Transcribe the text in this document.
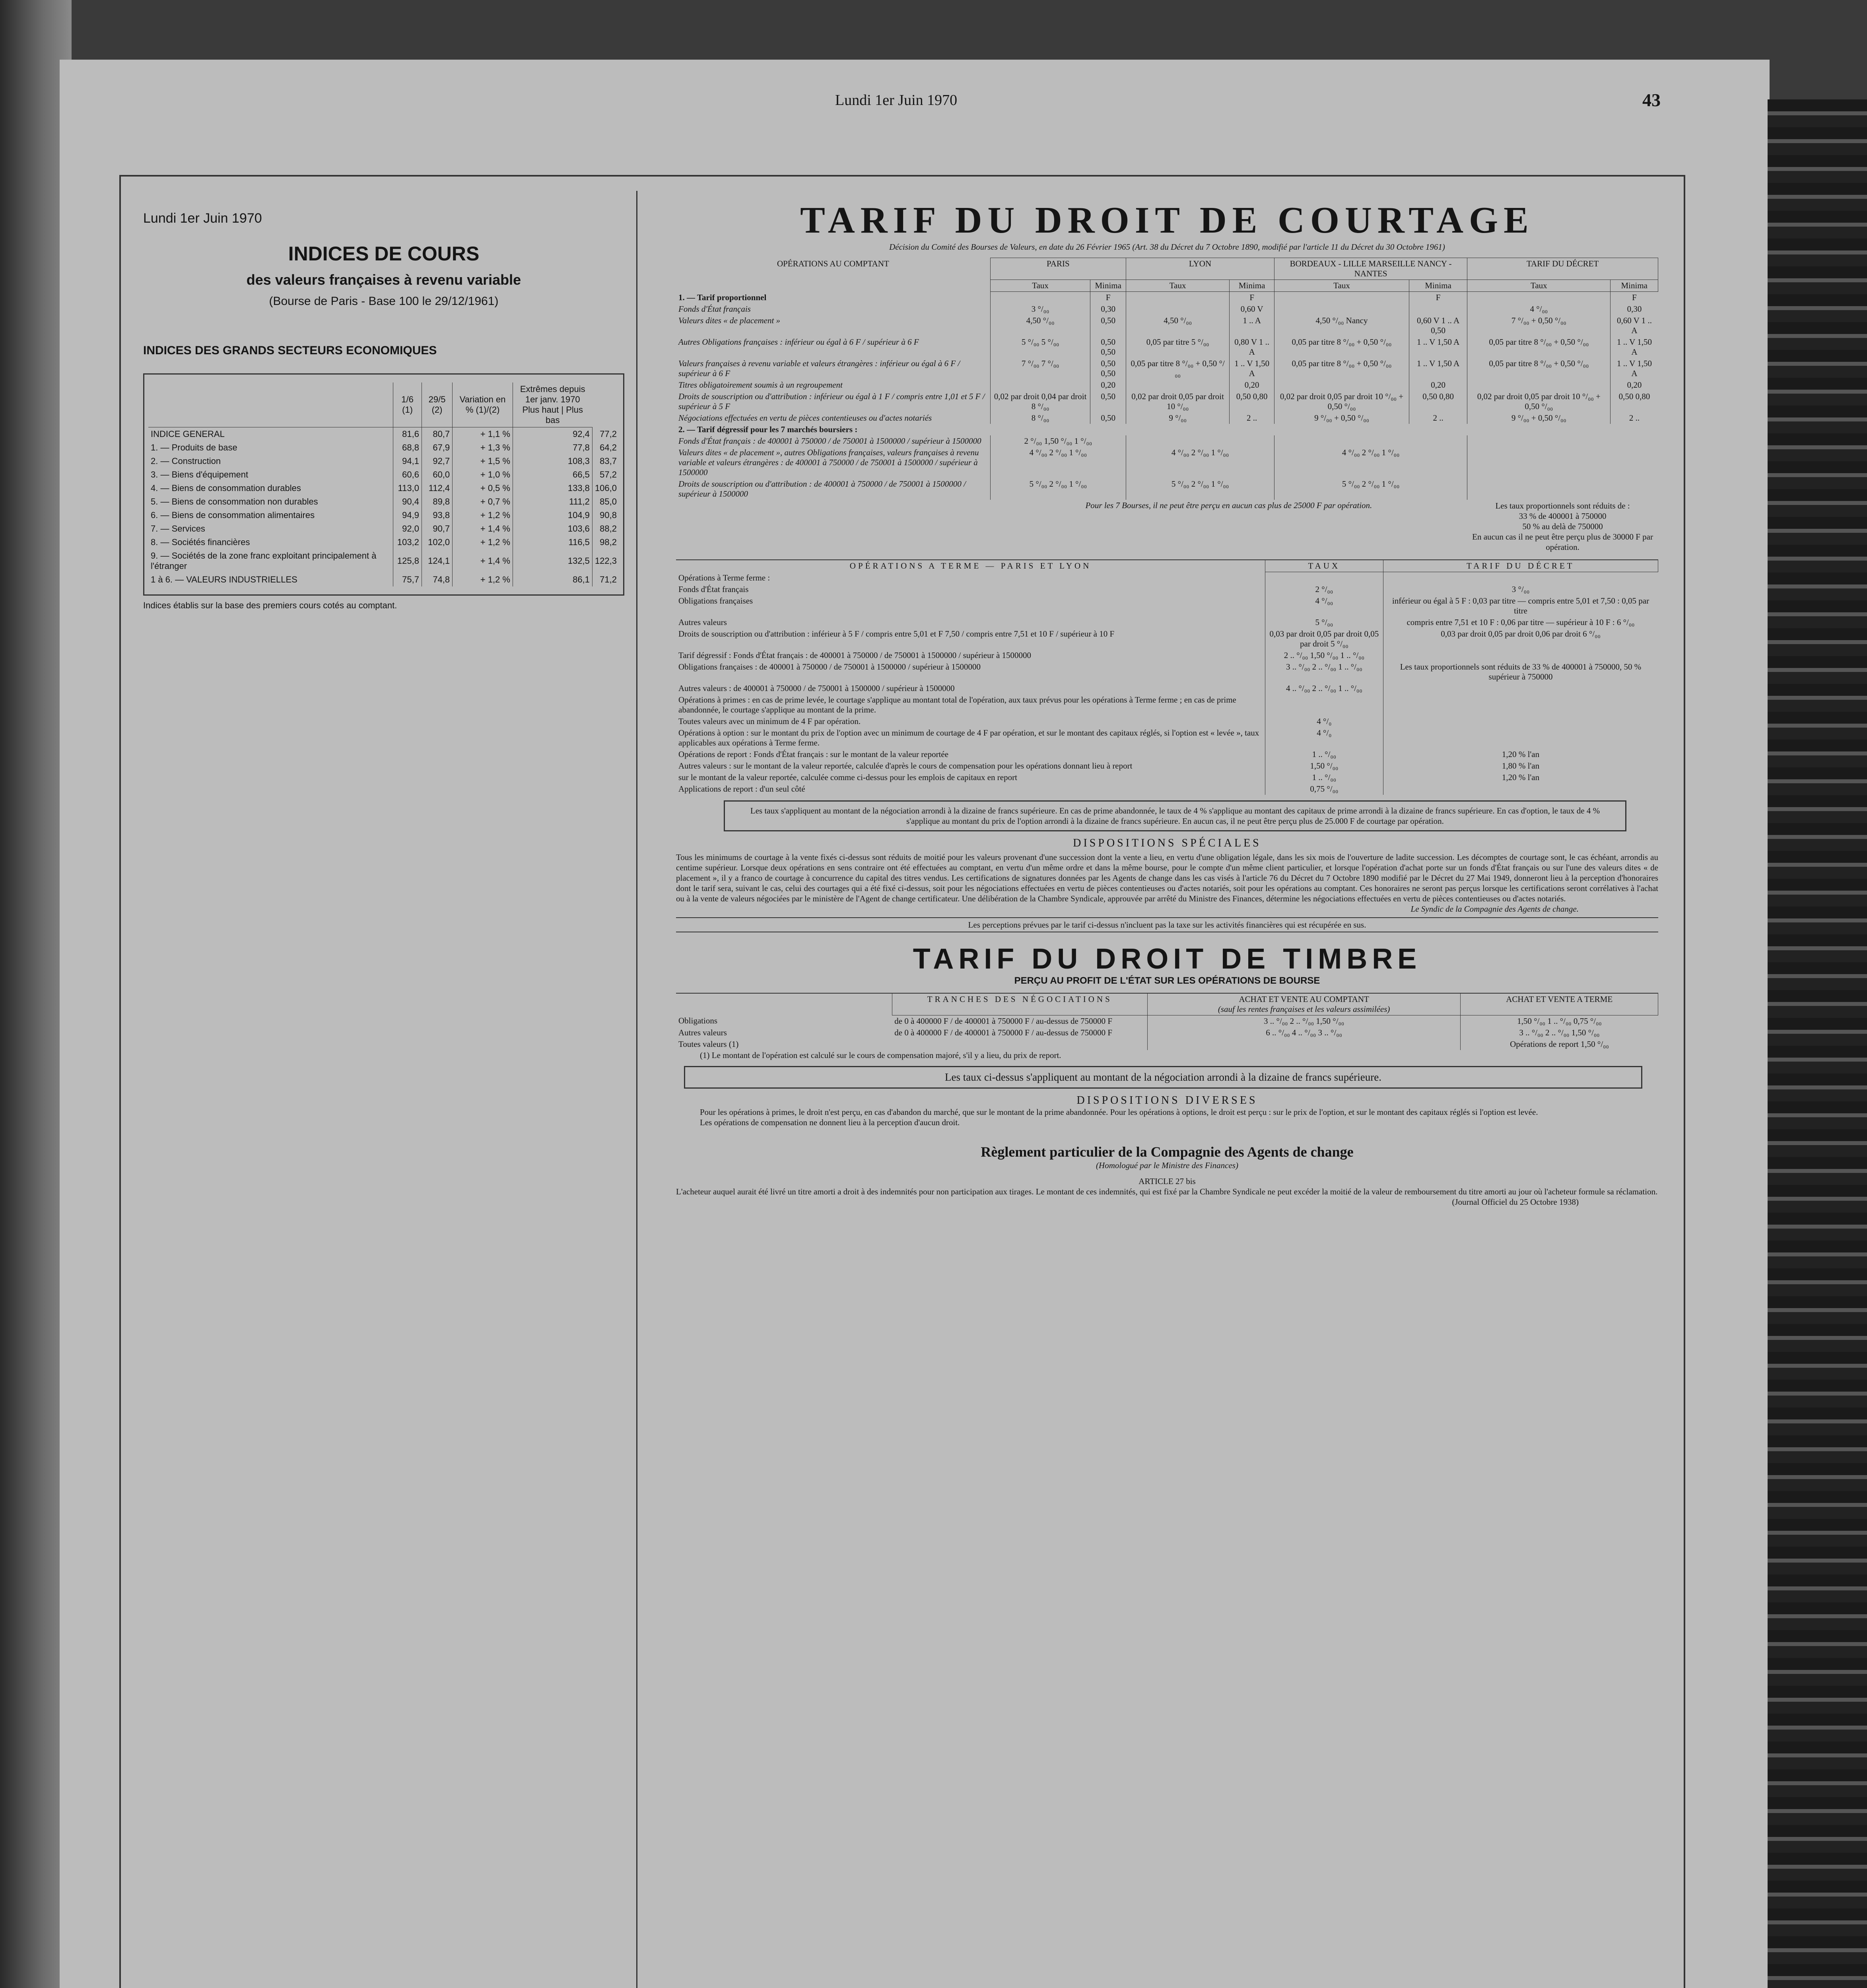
Lundi 1er Juin 1970	43
Lundi 1er Juin 1970
INDICES DE COURS
des valeurs françaises à revenu variable
(Bourse de Paris - Base 100 le 29/12/1961)
INDICES DES GRANDS SECTEURS ECONOMIQUES
	1/6 (1)	29/5 (2)	Variation en % (1)/(2)	Extrêmes depuis 1er janv. 1970
Plus haut | Plus bas	
INDICE GENERAL	81,6	80,7	+ 1,1 %	92,4	77,2
1. — Produits de base	68,8	67,9	+ 1,3 %	77,8	64,2
2. — Construction	94,1	92,7	+ 1,5 %	108,3	83,7
3. — Biens d'équipement	60,6	60,0	+ 1,0 %	66,5	57,2
4. — Biens de consommation durables	113,0	112,4	+ 0,5 %	133,8	106,0
5. — Biens de consommation non durables	90,4	89,8	+ 0,7 %	111,2	85,0
6. — Biens de consommation alimentaires	94,9	93,8	+ 1,2 %	104,9	90,8
7. — Services	92,0	90,7	+ 1,4 %	103,6	88,2
8. — Sociétés financières	103,2	102,0	+ 1,2 %	116,5	98,2
9. — Sociétés de la zone franc exploitant principalement à l'étranger	125,8	124,1	+ 1,4 %	132,5	122,3
1 à 6. — VALEURS INDUSTRIELLES	75,7	74,8	+ 1,2 %	86,1	71,2
Indices établis sur la base des premiers cours cotés au comptant.
TARIF DU DROIT DE COURTAGE
Décision du Comité des Bourses de Valeurs, en date du 26 Février 1965 (Art. 38 du Décret du 7 Octobre 1890, modifié par l'article 11 du Décret du 30 Octobre 1961)
OPÉRATIONS AU COMPTANT	PARIS		LYON		BORDEAUX - LILLE MARSEILLE NANCY - NANTES		TARIF DU DÉCRET	
	Taux	Minima	Taux	Minima	Taux	Minima	Taux	Minima
1. — Tarif proportionnel		F		F		F		F
Fonds d'État français	3 °/₀₀	0,30		0,60 V			4 °/₀₀	0,30
Valeurs dites « de placement »	4,50 °/₀₀	0,50	4,50 °/₀₀	1 .. A	4,50 °/₀₀ Nancy	0,60 V 1 .. A 0,50	7 °/₀₀ + 0,50 °/₀₀	0,60 V 1 .. A
Autres Obligations françaises : inférieur ou égal à 6 F / supérieur à 6 F	5 °/₀₀ 5 °/₀₀	0,50 0,50	0,05 par titre 5 °/₀₀	0,80 V 1 .. A	0,05 par titre 8 °/₀₀ + 0,50 °/₀₀	1 .. V 1,50 A	0,05 par titre 8 °/₀₀ + 0,50 °/₀₀	1 .. V 1,50 A
Valeurs françaises à revenu variable et valeurs étrangères : inférieur ou égal à 6 F / supérieur à 6 F	7 °/₀₀ 7 °/₀₀	0,50 0,50	0,05 par titre 8 °/₀₀ + 0,50 °/₀₀	1 .. V 1,50 A	0,05 par titre 8 °/₀₀ + 0,50 °/₀₀	1 .. V 1,50 A	0,05 par titre 8 °/₀₀ + 0,50 °/₀₀	1 .. V 1,50 A
Titres obligatoirement soumis à un regroupement		0,20		0,20		0,20		0,20
Droits de souscription ou d'attribution : inférieur ou égal à 1 F / compris entre 1,01 et 5 F / supérieur à 5 F	0,02 par droit 0,04 par droit 8 °/₀₀	0,50	0,02 par droit 0,05 par droit 10 °/₀₀	0,50 0,80	0,02 par droit 0,05 par droit 10 °/₀₀ + 0,50 °/₀₀	0,50 0,80	0,02 par droit 0,05 par droit 10 °/₀₀ + 0,50 °/₀₀	0,50 0,80
Négociations effectuées en vertu de pièces contentieuses ou d'actes notariés	8 °/₀₀	0,50	9 °/₀₀	2 ..	9 °/₀₀ + 0,50 °/₀₀	2 ..	9 °/₀₀ + 0,50 °/₀₀	2 ..
2. — Tarif dégressif pour les 7 marchés boursiers :								
Fonds d'État français : de 400001 à 750000 / de 750001 à 1500000 / supérieur à 1500000	2 °/₀₀ 1,50 °/₀₀ 1 °/₀₀							
Valeurs dites « de placement », autres Obligations françaises, valeurs françaises à revenu variable et valeurs étrangères : de 400001 à 750000 / de 750001 à 1500000 / supérieur à 1500000	4 °/₀₀ 2 °/₀₀ 1 °/₀₀		4 °/₀₀ 2 °/₀₀ 1 °/₀₀		4 °/₀₀ 2 °/₀₀ 1 °/₀₀			
Droits de souscription ou d'attribution : de 400001 à 750000 / de 750001 à 1500000 / supérieur à 1500000	5 °/₀₀ 2 °/₀₀ 1 °/₀₀		5 °/₀₀ 2 °/₀₀ 1 °/₀₀		5 °/₀₀ 2 °/₀₀ 1 °/₀₀			
	Pour les 7 Bourses, il ne peut être perçu en aucun cas plus de 25000 F par opération.						Les taux proportionnels sont réduits de :
33 % de 400001 à 750000
50 % au delà de 750000
En aucun cas il ne peut être perçu plus de 30000 F par opération.	
OPÉRATIONS A TERME — PARIS ET LYON	TAUX	TARIF DU DÉCRET
Opérations à Terme ferme :		
Fonds d'État français	2 °/₀₀	3 °/₀₀
Obligations françaises	4 °/₀₀	inférieur ou égal à 5 F : 0,03 par titre — compris entre 5,01 et 7,50 : 0,05 par titre
Autres valeurs	5 °/₀₀	compris entre 7,51 et 10 F : 0,06 par titre — supérieur à 10 F : 6 °/₀₀
Droits de souscription ou d'attribution : inférieur à 5 F / compris entre 5,01 et F 7,50 / compris entre 7,51 et 10 F / supérieur à 10 F	0,03 par droit 0,05 par droit 0,05 par droit 5 °/₀₀	0,03 par droit 0,05 par droit 0,06 par droit 6 °/₀₀
Tarif dégressif : Fonds d'État français : de 400001 à 750000 / de 750001 à 1500000 / supérieur à 1500000	2 .. °/₀₀ 1,50 °/₀₀ 1 .. °/₀₀	
Obligations françaises : de 400001 à 750000 / de 750001 à 1500000 / supérieur à 1500000	3 .. °/₀₀ 2 .. °/₀₀ 1 .. °/₀₀	Les taux proportionnels sont réduits de 33 % de 400001 à 750000, 50 % supérieur à 750000
Autres valeurs : de 400001 à 750000 / de 750001 à 1500000 / supérieur à 1500000	4 .. °/₀₀ 2 .. °/₀₀ 1 .. °/₀₀	
Opérations à primes : en cas de prime levée, le courtage s'applique au montant total de l'opération, aux taux prévus pour les opérations à Terme ferme ; en cas de prime abandonnée, le courtage s'applique au montant de la prime.		
Toutes valeurs avec un minimum de 4 F par opération.	4 °/₀	
Opérations à option : sur le montant du prix de l'option avec un minimum de courtage de 4 F par opération, et sur le montant des capitaux réglés, si l'option est « levée », taux applicables aux opérations à Terme ferme.	4 °/₀	
Opérations de report : Fonds d'État français : sur le montant de la valeur reportée	1 .. °/₀₀	1,20 % l'an
Autres valeurs : sur le montant de la valeur reportée, calculée d'après le cours de compensation pour les opérations donnant lieu à report	1,50 °/₀₀	1,80 % l'an
sur le montant de la valeur reportée, calculée comme ci-dessus pour les emplois de capitaux en report	1 .. °/₀₀	1,20 % l'an
Applications de report : d'un seul côté	0,75 °/₀₀	
Les taux s'appliquent au montant de la négociation arrondi à la dizaine de francs supérieure. En cas de prime abandonnée, le taux de 4 % s'applique au montant des capitaux de prime arrondi à la dizaine de francs supérieure. En cas d'option, le taux de 4 % s'applique au montant du prix de l'option arrondi à la dizaine de francs supérieure. En aucun cas, il ne peut être perçu plus de 25.000 F de courtage par opération.
DISPOSITIONS SPÉCIALES
Tous les minimums de courtage à la vente fixés ci-dessus sont réduits de moitié pour les valeurs provenant d'une succession dont la vente a lieu, en vertu d'une obligation légale, dans les six mois de l'ouverture de ladite succession. Les décomptes de courtage sont, le cas échéant, arrondis au centime supérieur. Lorsque deux opérations en sens contraire ont été effectuées au comptant, en vertu d'un même ordre et dans la même bourse, pour le compte d'un même client particulier, et lorsque l'opération d'achat porte sur un fonds d'État français ou sur l'une des valeurs dites « de placement », il y a franco de courtage à concurrence du capital des titres vendus. Les certifications de signatures données par les Agents de change dans les cas visés à l'article 76 du Décret du 7 Octobre 1890 modifié par le Décret du 27 Mai 1949, donneront lieu à la perception d'honoraires dont le tarif sera, suivant le cas, celui des courtages qui a été fixé ci-dessus, soit pour les négociations effectuées en vertu de pièces contentieuses ou d'actes notariés, soit pour les opérations au comptant. Ces honoraires ne seront pas perçus lorsque les certifications seront corrélatives à l'achat ou à la vente de valeurs négociées par le ministère de l'Agent de change certificateur. Une délibération de la Chambre Syndicale, approuvée par arrêté du Ministre des Finances, détermine les négociations effectuées en vertu de pièces contentieuses ou d'actes notariés.
Le Syndic de la Compagnie des Agents de change.
Les perceptions prévues par le tarif ci-dessus n'incluent pas la taxe sur les activités financières qui est récupérée en sus.
TARIF DU DROIT DE TIMBRE
PERÇU AU PROFIT DE L'ÉTAT SUR LES OPÉRATIONS DE BOURSE
	TRANCHES DES NÉGOCIATIONS	ACHAT ET VENTE AU COMPTANT
(sauf les rentes françaises et les valeurs assimilées)	ACHAT ET VENTE A TERME
Obligations	de 0 à 400000 F / de 400001 à 750000 F / au-dessus de 750000 F	3 .. °/₀₀ 2 .. °/₀₀ 1,50 °/₀₀	1,50 °/₀₀ 1 .. °/₀₀ 0,75 °/₀₀
Autres valeurs	de 0 à 400000 F / de 400001 à 750000 F / au-dessus de 750000 F	6 .. °/₀₀ 4 .. °/₀₀ 3 .. °/₀₀	3 .. °/₀₀ 2 .. °/₀₀ 1,50 °/₀₀
Toutes valeurs (1)			Opérations de report 1,50 °/₀₀
(1) Le montant de l'opération est calculé sur le cours de compensation majoré, s'il y a lieu, du prix de report.
Les taux ci-dessus s'appliquent au montant de la négociation arrondi à la dizaine de francs supérieure.
DISPOSITIONS DIVERSES
Pour les opérations à primes, le droit n'est perçu, en cas d'abandon du marché, que sur le montant de la prime abandonnée. Pour les opérations à options, le droit est perçu : sur le prix de l'option, et sur le montant des capitaux réglés si l'option est levée. Les opérations de compensation ne donnent lieu à la perception d'aucun droit.
Règlement particulier de la Compagnie des Agents de change
(Homologué par le Ministre des Finances)
ARTICLE 27 bis
L'acheteur auquel aurait été livré un titre amorti a droit à des indemnités pour non participation aux tirages. Le montant de ces indemnités, qui est fixé par la Chambre Syndicale ne peut excéder la moitié de la valeur de remboursement du titre amorti au jour où l'acheteur formule sa réclamation.
(Journal Officiel du 25 Octobre 1938)
